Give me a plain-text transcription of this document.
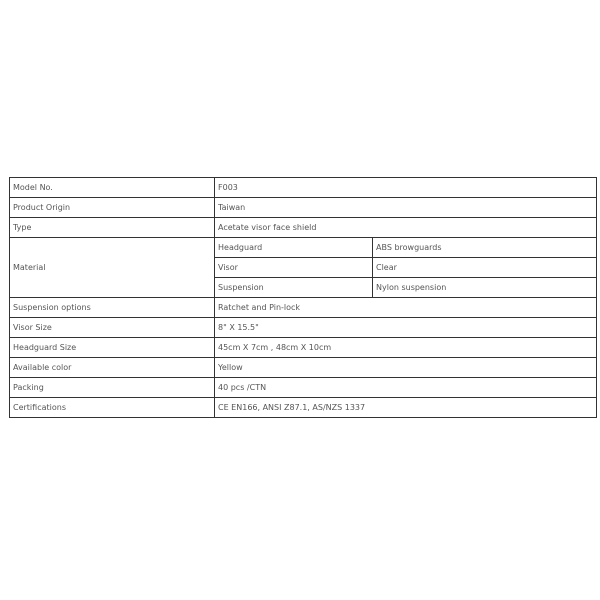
Model No.	F003	
Product Origin	Taiwan	
Type	Acetate visor face shield	
Material	Headguard	ABS browguards
	Visor	Clear
	Suspension	Nylon suspension
Suspension options	Ratchet and Pin-lock	
Visor Size	8" X 15.5"	
Headguard Size	45cm X 7cm , 48cm X 10cm	
Available color	Yellow	
Packing	40 pcs /CTN	
Certifications	CE EN166, ANSI Z87.1, AS/NZS 1337	
